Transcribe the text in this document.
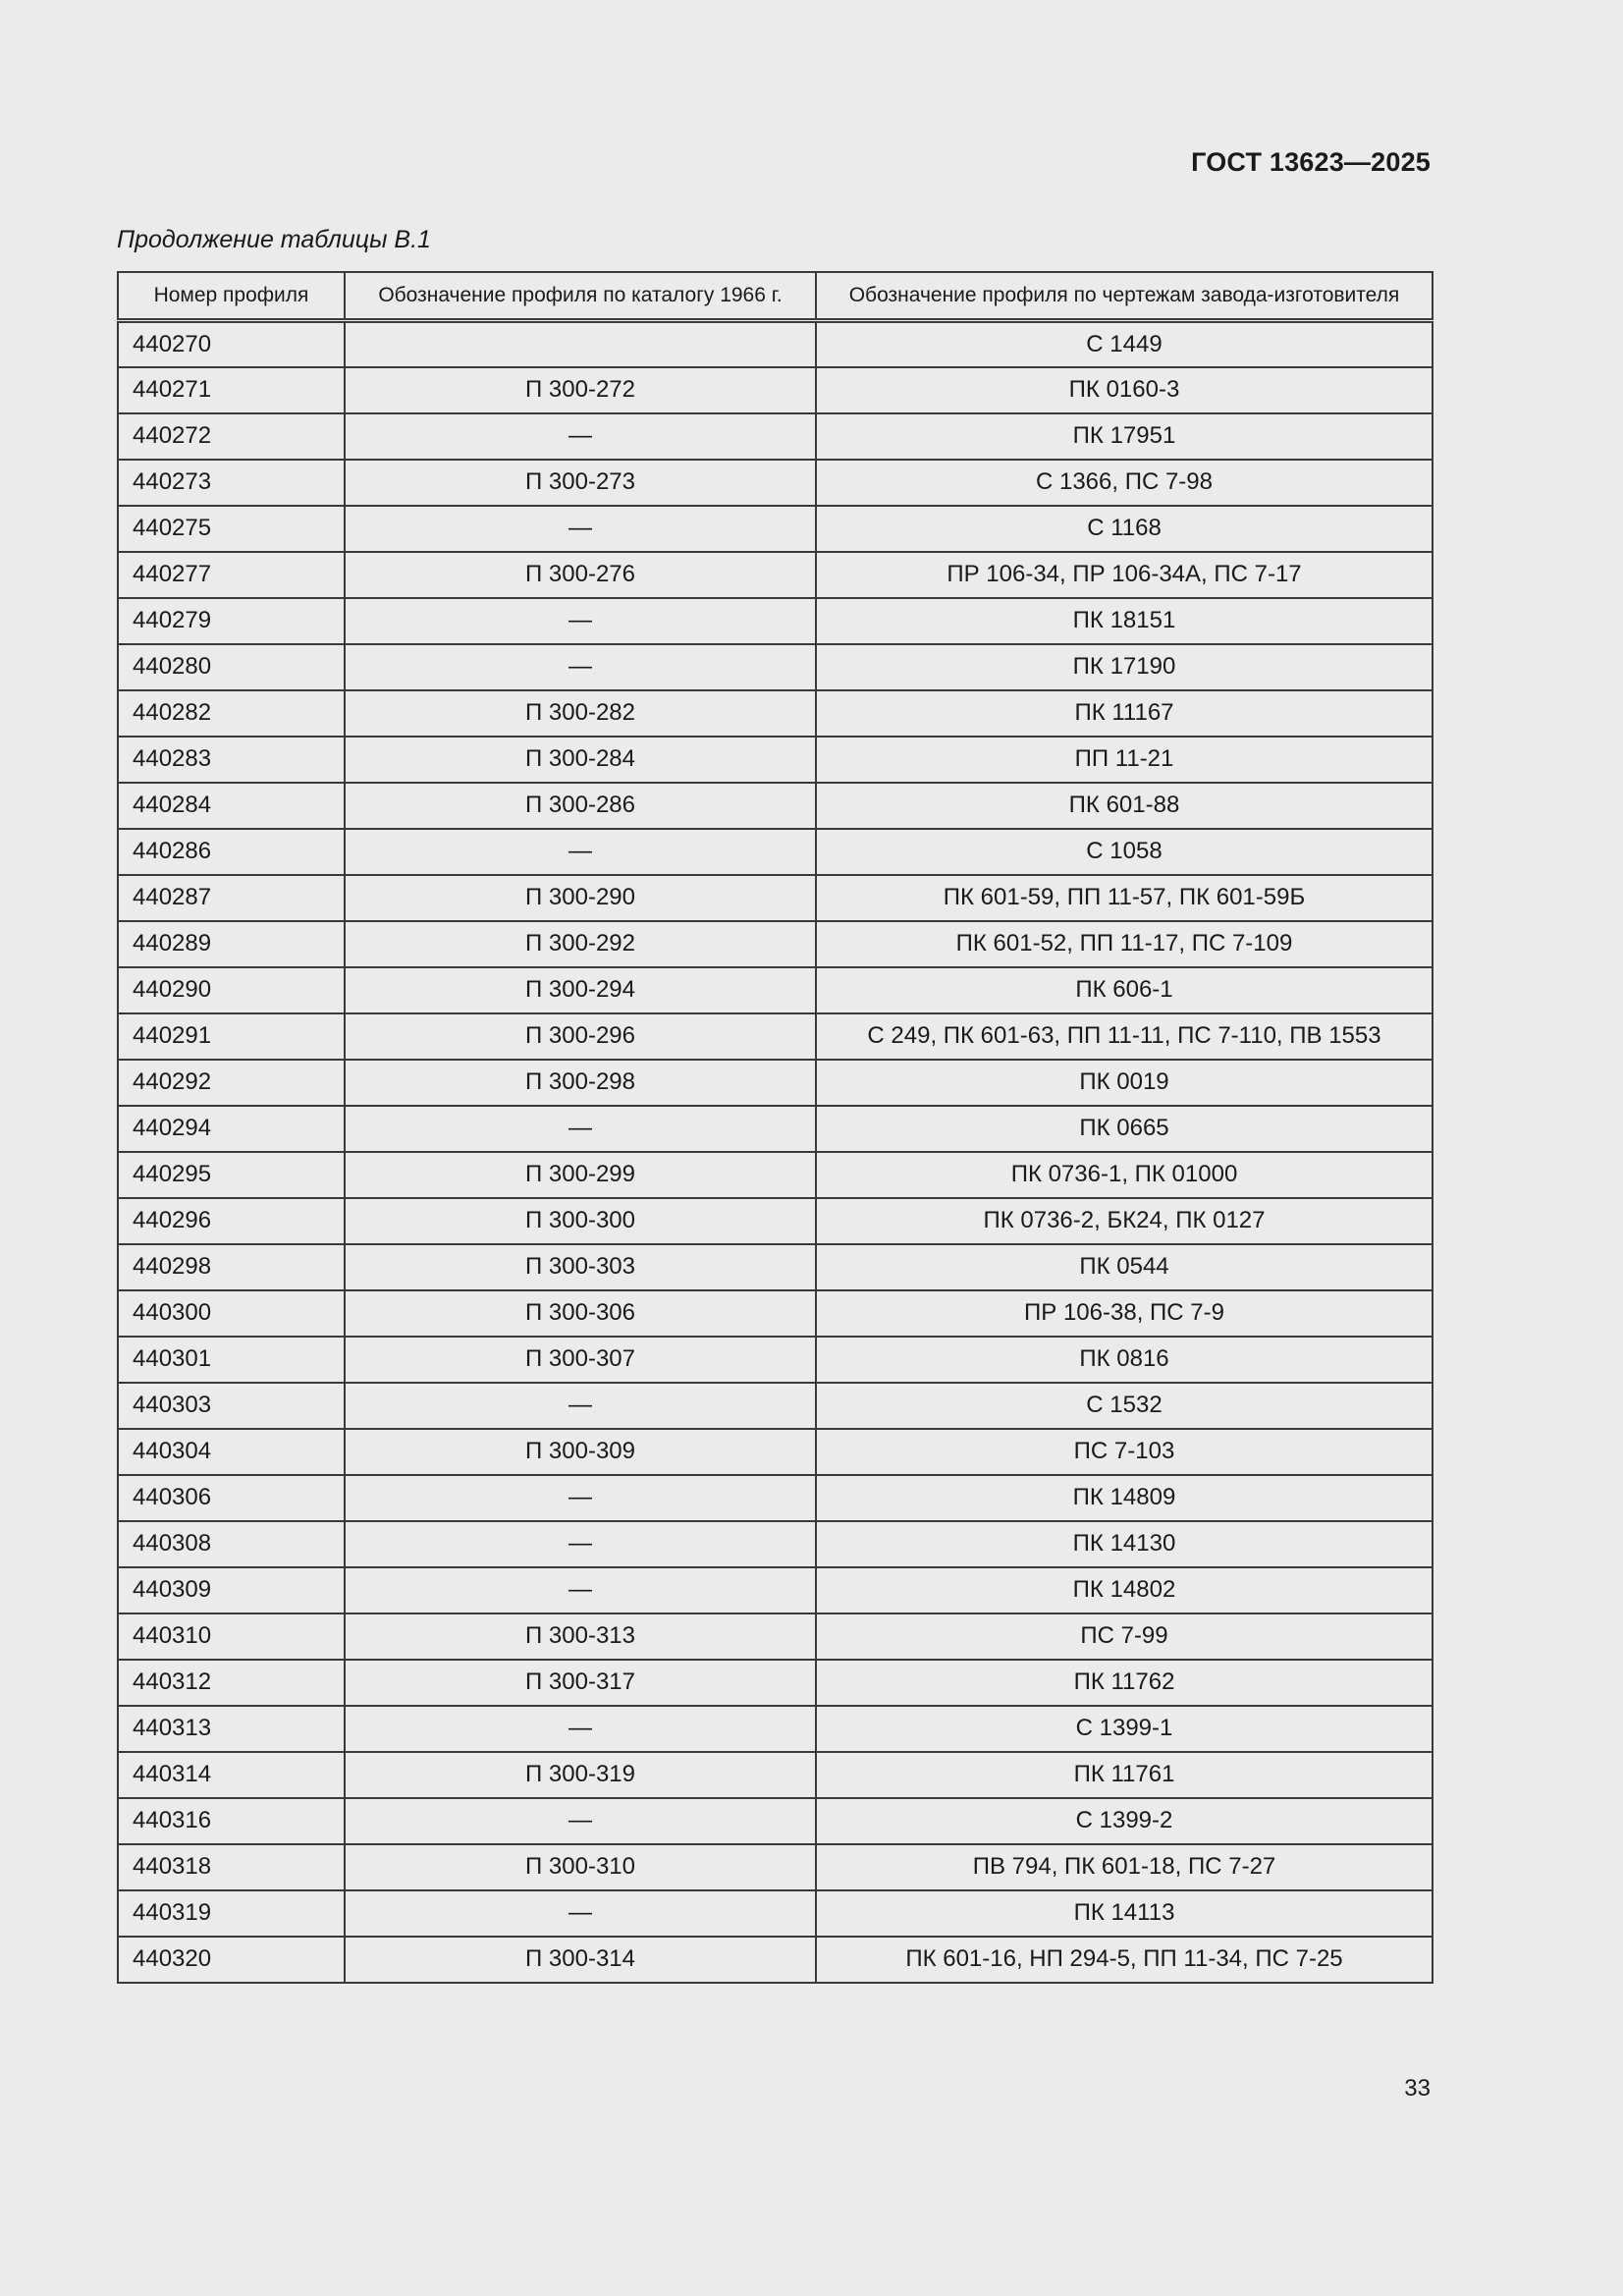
ГОСТ 13623—2025
Продолжение таблицы В.1
Номер профиля	Обозначение профиля по каталогу 1966 г.	Обозначение профиля по чертежам завода-изготовителя
440270		С 1449
440271	П 300-272	ПК 0160-3
440272	—	ПК 17951
440273	П 300-273	С 1366, ПС 7-98
440275	—	С 1168
440277	П 300-276	ПР 106-34, ПР 106-34А, ПС 7-17
440279	—	ПК 18151
440280	—	ПК 17190
440282	П 300-282	ПК 11167
440283	П 300-284	ПП 11-21
440284	П 300-286	ПК 601-88
440286	—	С 1058
440287	П 300-290	ПК 601-59, ПП 11-57, ПК 601-59Б
440289	П 300-292	ПК 601-52, ПП 11-17, ПС 7-109
440290	П 300-294	ПК 606-1
440291	П 300-296	С 249, ПК 601-63, ПП 11-11, ПС 7-110, ПВ 1553
440292	П 300-298	ПК 0019
440294	—	ПК 0665
440295	П 300-299	ПК 0736-1, ПК 01000
440296	П 300-300	ПК 0736-2, БК24, ПК 0127
440298	П 300-303	ПК 0544
440300	П 300-306	ПР 106-38, ПС 7-9
440301	П 300-307	ПК 0816
440303	—	С 1532
440304	П 300-309	ПС 7-103
440306	—	ПК 14809
440308	—	ПК 14130
440309	—	ПК 14802
440310	П 300-313	ПС 7-99
440312	П 300-317	ПК 11762
440313	—	С 1399-1
440314	П 300-319	ПК 11761
440316	—	С 1399-2
440318	П 300-310	ПВ 794, ПК 601-18, ПС 7-27
440319	—	ПК 14113
440320	П 300-314	ПК 601-16, НП 294-5, ПП 11-34, ПС 7-25
33
